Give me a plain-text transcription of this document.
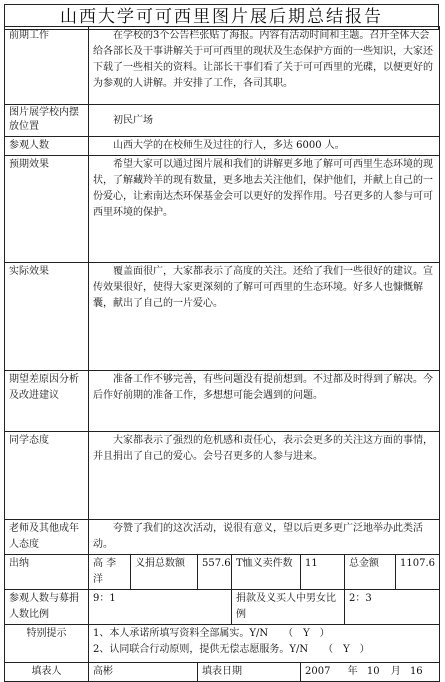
山西大学可可西里图片展后期总结报告
前期工作	在学校的3个公告栏张贴了海报。内容有活动时间和主题。召开全体大会给各部长及干事讲解关于可可西里的现状及生态保护方面的一些知识，大家还下载了一些相关的资料。让部长干事们看了关于可可西里的光碟，以便更好的为参观的人讲解。并安排了工作，各司其职。						
图片展学校内摆放位置	初民广场						
参观人数	山西大学的在校师生及过往的行人，多达 6000 人。						
预期效果	希望大家可以通过图片展和我们的讲解更多地了解可可西里生态环境的现状，了解藏羚羊的现有数量，更多地去关注他们，保护他们，并献上自己的一份爱心，让索南达杰环保基金会可以更好的发挥作用。号召更多的人参与可可西里环境的保护。						
实际效果	覆盖面很广，大家都表示了高度的关注。还给了我们一些很好的建议。宣传效果很好，使得大家更深刻的了解可可西里的生态环境。好多人也慷慨解囊，献出了自己的一片爱心。						
期望差原因分析及改进建议	准备工作不够完善，有些问题没有提前想到。不过都及时得到了解决。今后作好前期的准备工作，多想想可能会遇到的问题。						
同学态度	大家都表示了强烈的危机感和责任心，表示会更多的关注这方面的事情，并且捐出了自己的爱心。会号召更多的人参与进来。						
老师及其他成年人态度	夸赞了我们的这次活动，说很有意义，望以后更多更广泛地举办此类活动。						
出纳	高 李洋	义捐总数额	557.6	T恤义卖件数	11	总金额	1107.6
参观人数与募捐人数比例	9：1			捐款及义买人中男女比例		2：3	
特别提示	1、本人承诺所填写资料全部属实。Y/N　　（　Y　）
2、认同联合行动原则，提供无偿志愿服务。Y/N　　（　Y　）						

填表人	高彬		填表日期		2007 年 10 月 16		
